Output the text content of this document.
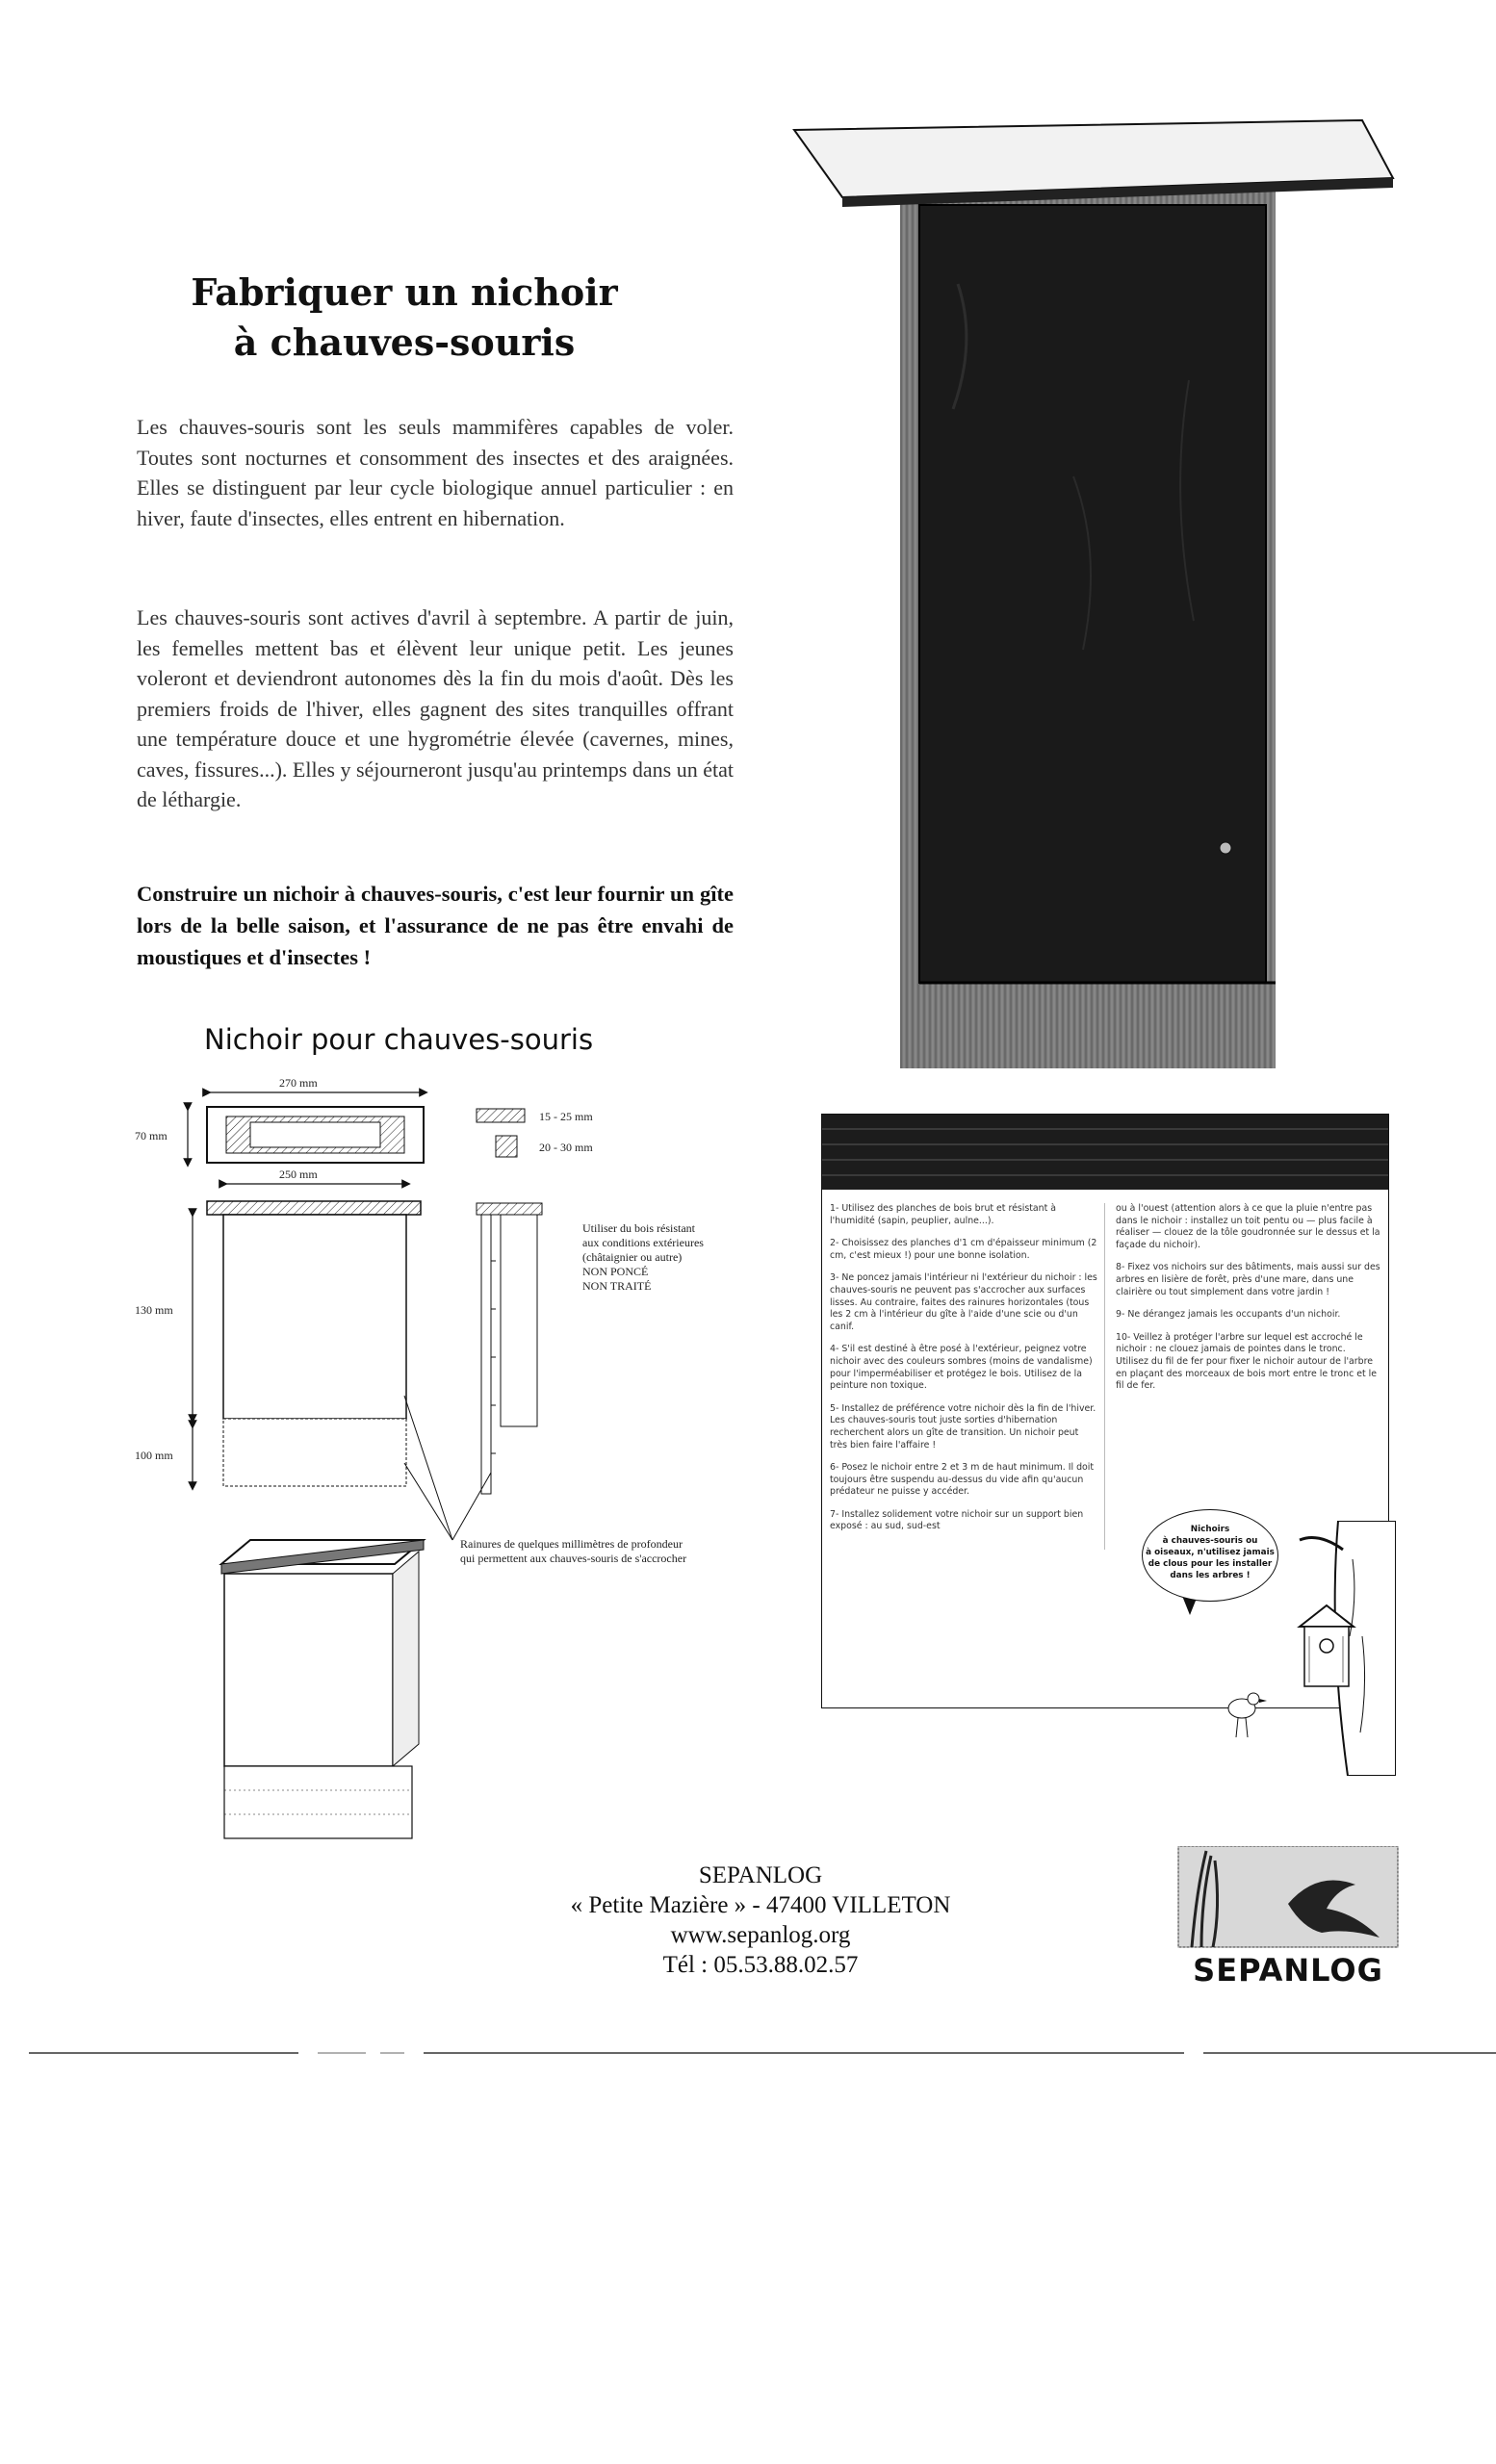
Fabriquer un nichoir
à chauves-souris

Les chauves-souris sont les seuls mammifères capables de voler. Toutes sont nocturnes et consomment des insectes et des araignées. Elles se distinguent par leur cycle biologique annuel particulier : en hiver, faute d'insectes, elles entrent en hibernation.

Les chauves-souris sont actives d'avril à septembre. A partir de juin, les femelles mettent bas et élèvent leur unique petit. Les jeunes voleront et deviendront autonomes dès la fin du mois d'août. Dès les premiers froids de l'hiver, elles gagnent des sites tranquilles offrant une température douce et une hygrométrie élevée (cavernes, mines, caves, fissures...). Elles y séjourneront jusqu'au printemps dans un état de léthargie.

Construire un nichoir à chauves-souris, c'est leur fournir un gîte lors de la belle saison, et l'assurance de ne pas être envahi de moustiques et d'insectes !

Nichoir pour chauves-souris
270 mm
70 mm
15 - 25 mm
20 - 30 mm
250 mm
130 mm
100 mm
Utiliser du bois résistant
aux conditions extérieures
(châtaignier ou autre)
NON PONCÉ
NON TRAITÉ
Rainures de quelques millimètres de profondeur
qui permettent aux chauves-souris de s'accrocher

1- Utilisez des planches de bois brut et résistant à l'humidité (sapin, peuplier, aulne...).

2- Choisissez des planches d'1 cm d'épaisseur minimum (2 cm, c'est mieux !) pour une bonne isolation.

3- Ne poncez jamais l'intérieur ni l'extérieur du nichoir : les chauves-souris ne peuvent pas s'accrocher aux surfaces lisses. Au contraire, faites des rainures horizontales (tous les 2 cm à l'intérieur du gîte à l'aide d'une scie ou d'un canif.

4- S'il est destiné à être posé à l'extérieur, peignez votre nichoir avec des couleurs sombres (moins de vandalisme) pour l'imperméabiliser et protégez le bois. Utilisez de la peinture non toxique.

5- Installez de préférence votre nichoir dès la fin de l'hiver. Les chauves-souris tout juste sorties d'hibernation recherchent alors un gîte de transition. Un nichoir peut très bien faire l'affaire !

6- Posez le nichoir entre 2 et 3 m de haut minimum. Il doit toujours être suspendu au-dessus du vide afin qu'aucun prédateur ne puisse y accéder.

7- Installez solidement votre nichoir sur un support bien exposé : au sud, sud-est

ou à l'ouest (attention alors à ce que la pluie n'entre pas dans le nichoir : installez un toit pentu ou — plus facile à réaliser — clouez de la tôle goudronnée sur le dessus et la façade du nichoir).

8- Fixez vos nichoirs sur des bâtiments, mais aussi sur des arbres en lisière de forêt, près d'une mare, dans une clairière ou tout simplement dans votre jardin !

9- Ne dérangez jamais les occupants d'un nichoir.

10- Veillez à protéger l'arbre sur lequel est accroché le nichoir : ne clouez jamais de pointes dans le tronc. Utilisez du fil de fer pour fixer le nichoir autour de l'arbre en plaçant des morceaux de bois mort entre le tronc et le fil de fer.

Nichoirs
à chauves-souris ou
à oiseaux, n'utilisez jamais
de clous pour les installer
dans les arbres !
SEPANLOG
« Petite Mazière » - 47400 VILLETON
www.sepanlog.org
Tél : 05.53.88.02.57	SEPANLOG
